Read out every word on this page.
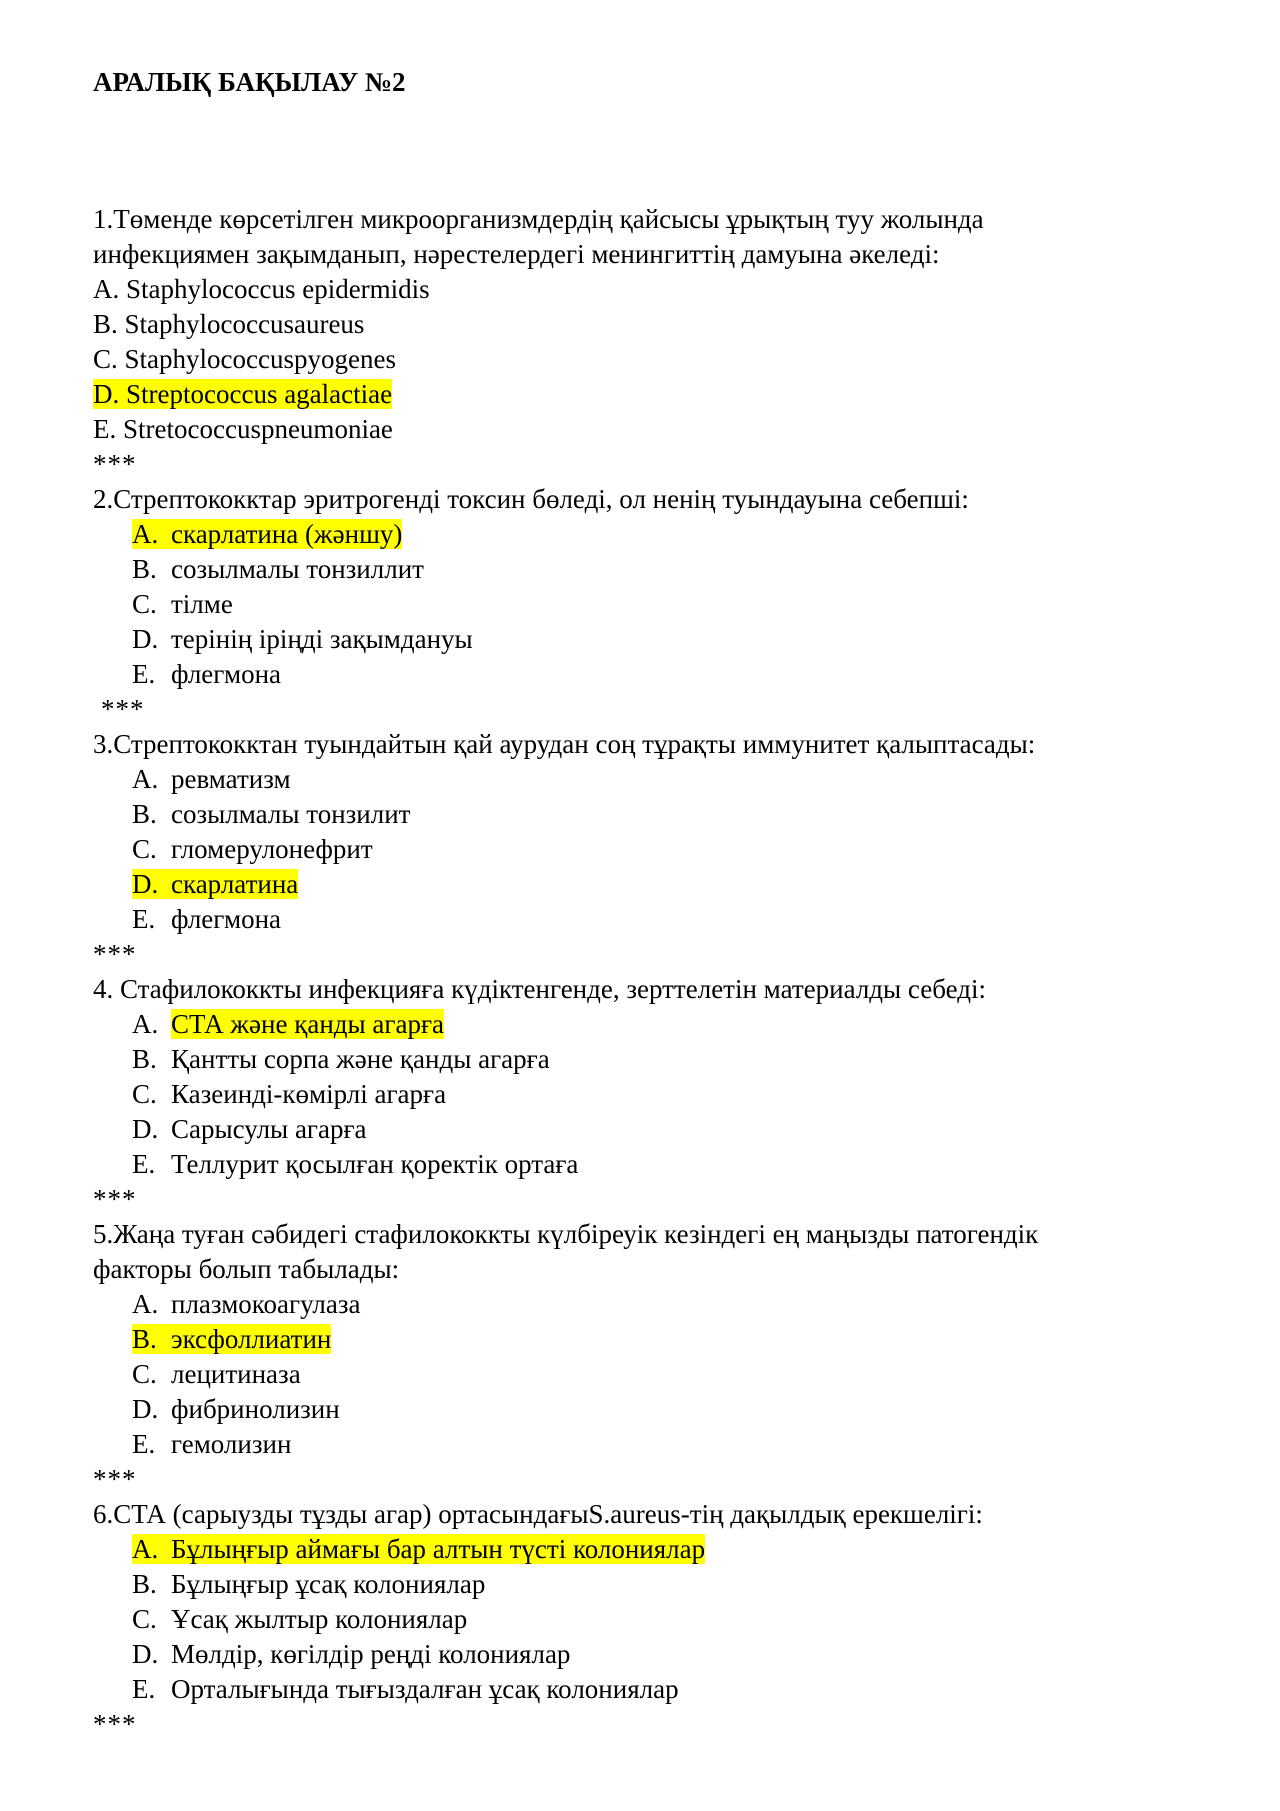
АРАЛЫҚ БАҚЫЛАУ №2
1.Төменде көрсетілген микроорганизмдердің қайсысы ұрықтың туу жолында
инфекциямен зақымданып, нәрестелердегі менингиттің дамуына әкеледі:
A. Staphylococcus epidermidis
B. Staphylococcusaureus
C. Staphylococcuspyogenes
D. Streptococcus agalactiae
E. Stretococcuspneumoniae
***
2.Стрептококктар эритрогенді токсин бөледі, ол ненің туындауына себепші:
A. скарлатина (жәншу)
B. созылмалы тонзиллит
C. тілме
D. терінің іріңді зақымдануы
E. флегмона
***
3.Стрептококктан туындайтын қай аурудан соң тұрақты иммунитет қалыптасады:
A. ревматизм
B. созылмалы тонзилит
C. гломерулонефрит
D. скарлатина
E. флегмона
***
4. Стафилококкты инфекцияға күдіктенгенде, зерттелетін материалды себеді:
A. СТА және қанды агарға
B. Қантты сорпа және қанды агарға
C. Казеинді-көмірлі агарға
D. Сарысулы агарға
E. Теллурит қосылған қоректік ортаға
***
5.Жаңа туған сәбидегі стафилококкты күлбіреуік кезіндегі ең маңызды патогендік
факторы болып табылады:
A. плазмокоагулаза
B. эксфоллиатин
C. лецитиназа
D. фибринолизин
E. гемолизин
***
6.СТА (сарыузды тұзды агар) ортасындағыS.aureus-тің дақылдық ерекшелігі:
A. Бұлыңғыр аймағы бар алтын түсті колониялар
B. Бұлыңғыр ұсақ колониялар
C. Ұсақ жылтыр колониялар
D. Мөлдір, көгілдір реңді колониялар
E. Орталығында тығыздалған ұсақ колониялар
***
